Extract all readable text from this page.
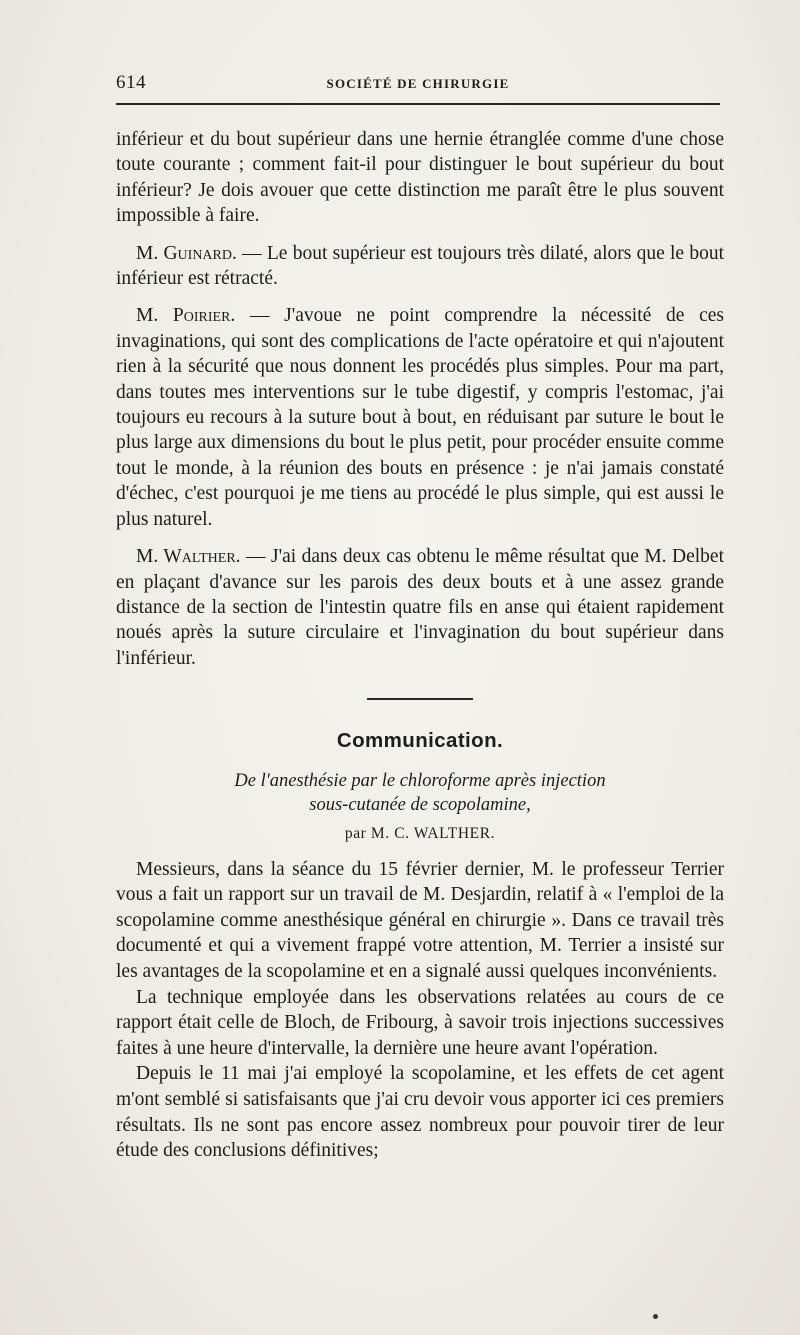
614	SOCIÉTÉ DE CHIRURGIE

inférieur et du bout supérieur dans une hernie étranglée comme d'une chose toute courante ; comment fait-il pour distinguer le bout supérieur du bout inférieur? Je dois avouer que cette distinction me paraît être le plus souvent impossible à faire.

M. Guinard. — Le bout supérieur est toujours très dilaté, alors que le bout inférieur est rétracté.

M. Poirier. — J'avoue ne point comprendre la nécessité de ces invaginations, qui sont des complications de l'acte opératoire et qui n'ajoutent rien à la sécurité que nous donnent les procédés plus simples. Pour ma part, dans toutes mes interventions sur le tube digestif, y compris l'estomac, j'ai toujours eu recours à la suture bout à bout, en réduisant par suture le bout le plus large aux dimensions du bout le plus petit, pour procéder ensuite comme tout le monde, à la réunion des bouts en présence : je n'ai jamais constaté d'échec, c'est pourquoi je me tiens au procédé le plus simple, qui est aussi le plus naturel.

M. Walther. — J'ai dans deux cas obtenu le même résultat que M. Delbet en plaçant d'avance sur les parois des deux bouts et à une assez grande distance de la section de l'intestin quatre fils en anse qui étaient rapidement noués après la suture circulaire et l'invagination du bout supérieur dans l'inférieur.

Communication.
De l'anesthésie par le chloroforme après injection
sous-cutanée de scopolamine,
par M. C. WALTHER.

Messieurs, dans la séance du 15 février dernier, M. le professeur Terrier vous a fait un rapport sur un travail de M. Desjardin, relatif à « l'emploi de la scopolamine comme anesthésique général en chirurgie ». Dans ce travail très documenté et qui a vivement frappé votre attention, M. Terrier a insisté sur les avantages de la scopolamine et en a signalé aussi quelques inconvénients.

La technique employée dans les observations relatées au cours de ce rapport était celle de Bloch, de Fribourg, à savoir trois injections successives faites à une heure d'intervalle, la dernière une heure avant l'opération.

Depuis le 11 mai j'ai employé la scopolamine, et les effets de cet agent m'ont semblé si satisfaisants que j'ai cru devoir vous apporter ici ces premiers résultats. Ils ne sont pas encore assez nombreux pour pouvoir tirer de leur étude des conclusions définitives;
